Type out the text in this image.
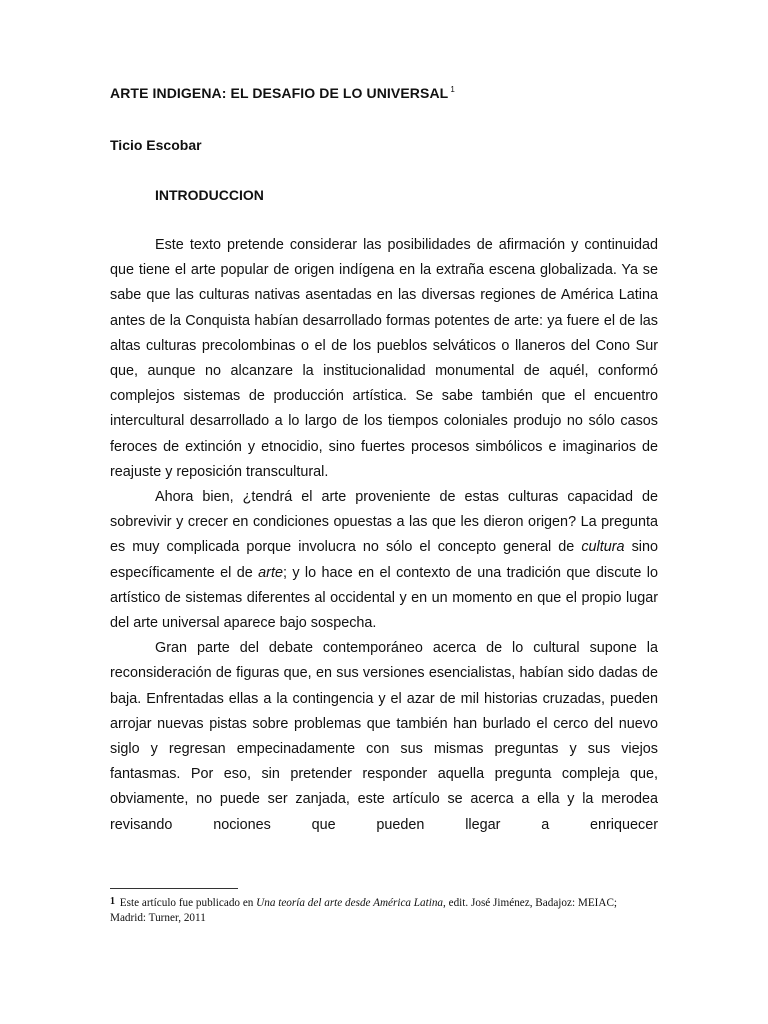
ARTE INDIGENA: EL DESAFIO DE LO UNIVERSAL $^1$
Ticio Escobar
INTRODUCCION

Este texto pretende considerar las posibilidades de afirmación y continuidad que tiene el arte popular de origen indígena en la extraña escena globalizada. Ya se sabe que las culturas nativas asentadas en las diversas regiones de América Latina antes de la Conquista habían desarrollado formas potentes de arte: ya fuere el de las altas culturas precolombinas o el de los pueblos selváticos o llaneros del Cono Sur que, aunque no alcanzare la institucionalidad monumental de aquél, conformó complejos sistemas de producción artística. Se sabe también que el encuentro intercultural desarrollado a lo largo de los tiempos coloniales produjo no sólo casos feroces de extinción y etnocidio, sino fuertes procesos simbólicos e imaginarios de reajuste y reposición transcultural.

Ahora bien, ¿tendrá el arte proveniente de estas culturas capacidad de sobrevivir y crecer en condiciones opuestas a las que les dieron origen? La pregunta es muy complicada porque involucra no sólo el concepto general de cultura sino específicamente el de arte; y lo hace en el contexto de una tradición que discute lo artístico de sistemas diferentes al occidental y en un momento en que el propio lugar del arte universal aparece bajo sospecha.

Gran parte del debate contemporáneo acerca de lo cultural supone la reconsideración de figuras que, en sus versiones esencialistas, habían sido dadas de baja. Enfrentadas ellas a la contingencia y el azar de mil historias cruzadas, pueden arrojar nuevas pistas sobre problemas que también han burlado el cerco del nuevo siglo y regresan empecinadamente con sus mismas preguntas y sus viejos fantasmas. Por eso, sin pretender responder aquella pregunta compleja que, obviamente, no puede ser zanjada, este artículo se acerca a ella y la merodea revisando nociones que pueden llegar a enriquecer

1 Este artículo fue publicado en Una teoría del arte desde América Latina, edit. José Jiménez, Badajoz: MEIAC; Madrid: Turner, 2011
